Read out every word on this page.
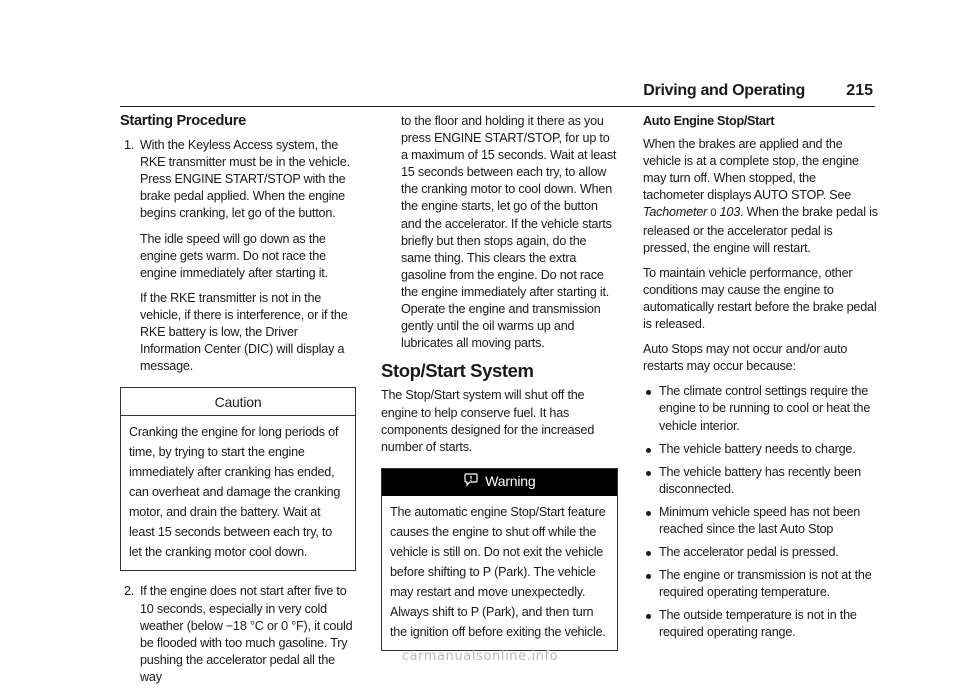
Driving and Operating	215
Starting Procedure
1. With the Keyless Access system, the RKE transmitter must be in the vehicle. Press ENGINE START/STOP with the brake pedal applied. When the engine begins cranking, let go of the button.

The idle speed will go down as the engine gets warm. Do not race the engine immediately after starting it.

If the RKE transmitter is not in the vehicle, if there is interference, or if the RKE battery is low, the Driver Information Center (DIC) will display a message.

Caution
Cranking the engine for long periods of time, by trying to start the engine immediately after cranking has ended, can overheat and damage the cranking motor, and drain the battery. Wait at least 15 seconds between each try, to let the cranking motor cool down.
2. If the engine does not start after five to 10 seconds, especially in very cold weather (below −18 °C or 0 °F), it could be flooded with too much gasoline. Try pushing the accelerator pedal all the way

to the floor and holding it there as you press ENGINE START/STOP, for up to a maximum of 15 seconds. Wait at least 15 seconds between each try, to allow the cranking motor to cool down. When the engine starts, let go of the button and the accelerator. If the vehicle starts briefly but then stops again, do the same thing. This clears the extra gasoline from the engine. Do not race the engine immediately after starting it. Operate the engine and transmission gently until the oil warms up and lubricates all moving parts.

Stop/Start System

The Stop/Start system will shut off the engine to help conserve fuel. It has components designed for the increased number of starts.

Warning
The automatic engine Stop/Start feature causes the engine to shut off while the vehicle is still on. Do not exit the vehicle before shifting to P (Park). The vehicle may restart and move unexpectedly. Always shift to P (Park), and then turn the ignition off before exiting the vehicle.
Auto Engine Stop/Start

When the brakes are applied and the vehicle is at a complete stop, the engine may turn off. When stopped, the tachometer displays AUTO STOP. See Tachometer 0 103. When the brake pedal is released or the accelerator pedal is pressed, the engine will restart.

To maintain vehicle performance, other conditions may cause the engine to automatically restart before the brake pedal is released.

Auto Stops may not occur and/or auto restarts may occur because:

The climate control settings require the engine to be running to cool or heat the vehicle interior.
The vehicle battery needs to charge.
The vehicle battery has recently been disconnected.
Minimum vehicle speed has not been reached since the last Auto Stop
The accelerator pedal is pressed.
The engine or transmission is not at the required operating temperature.
The outside temperature is not in the required operating range.
carmanualsonline.info
